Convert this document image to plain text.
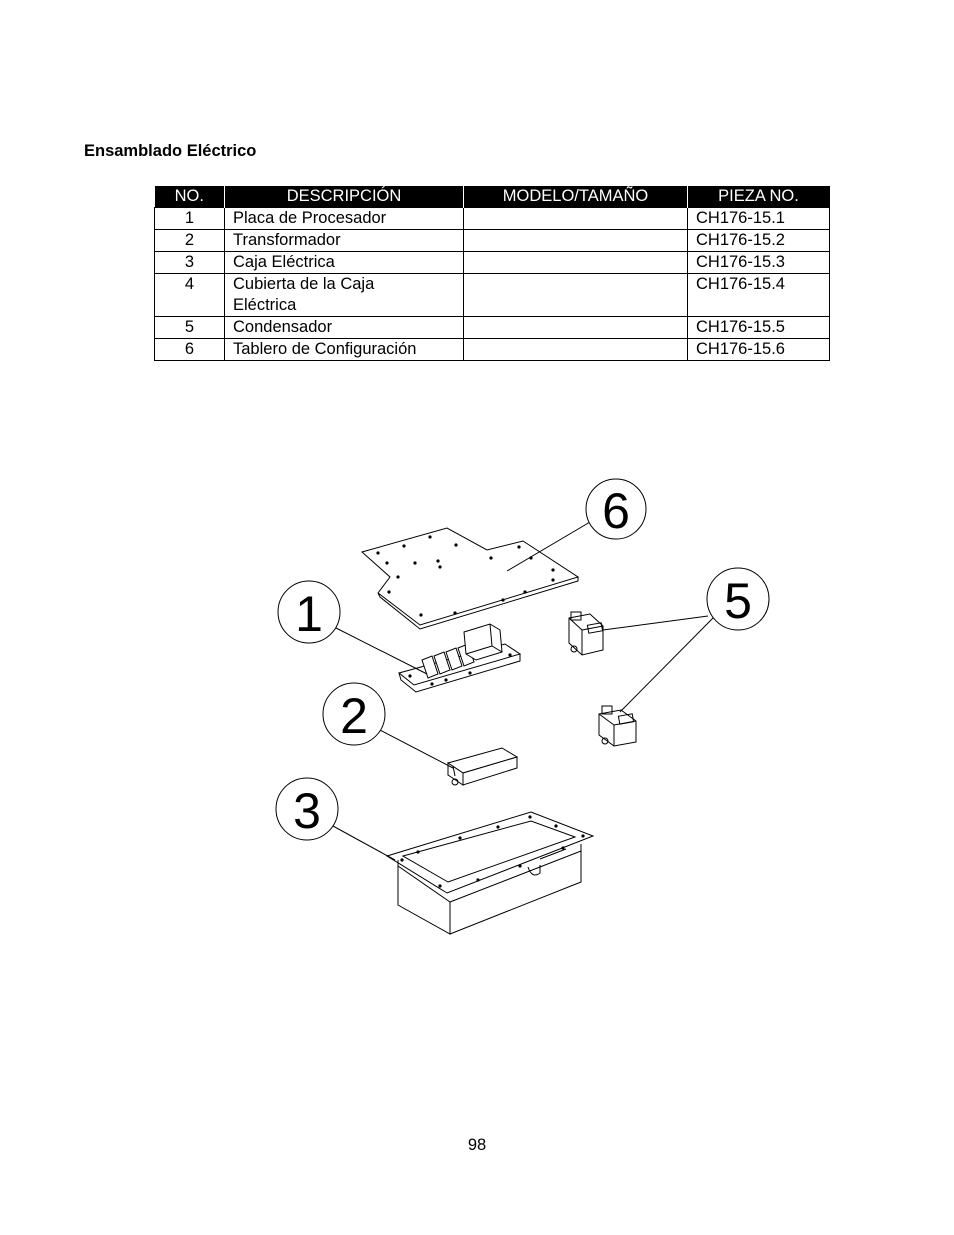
Ensamblado Eléctrico
NO.	DESCRIPCIÓN	MODELO/TAMAÑO	PIEZA NO.
1	Placa de Procesador		CH176-15.1
2	Transformador		CH176-15.2
3	Caja Eléctrica		CH176-15.3
4	Cubierta de la Caja Eléctrica		CH176-15.4
5	Condensador		CH176-15.5
6	Tablero de Configuración		CH176-15.6
6
1	5
2
3
98
